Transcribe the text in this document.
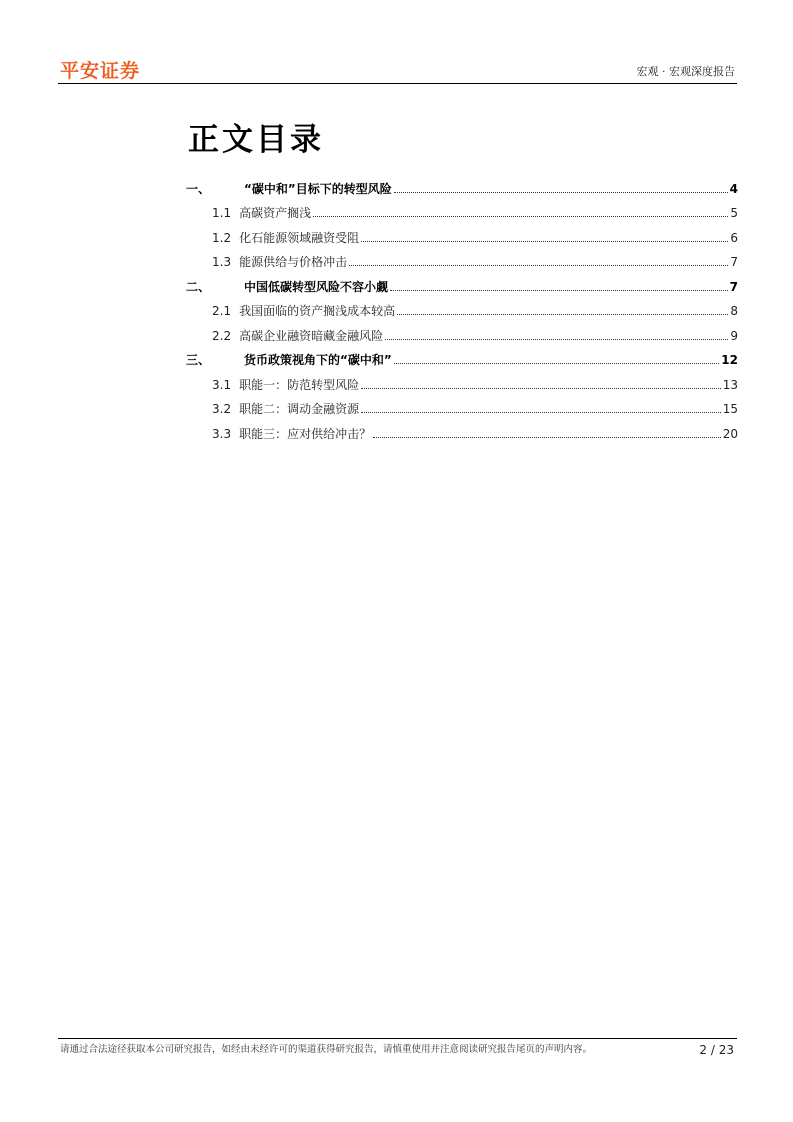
平安证券	宏观 · 宏观深度报告
正文目录
一、	“碳中和”目标下的转型风险	4
1.1 高碳资产搁浅	5
1.2 化石能源领域融资受阻	6
1.3 能源供给与价格冲击	7
二、	中国低碳转型风险不容小觑	7
2.1 我国面临的资产搁浅成本较高	8
2.2 高碳企业融资暗藏金融风险	9
三、	货币政策视角下的“碳中和”	12
3.1 职能一：防范转型风险	13
3.2 职能二：调动金融资源	15
3.3 职能三：应对供给冲击？	20
请通过合法途径获取本公司研究报告，如经由未经许可的渠道获得研究报告，请慎重使用并注意阅读研究报告尾页的声明内容。	2 / 23
